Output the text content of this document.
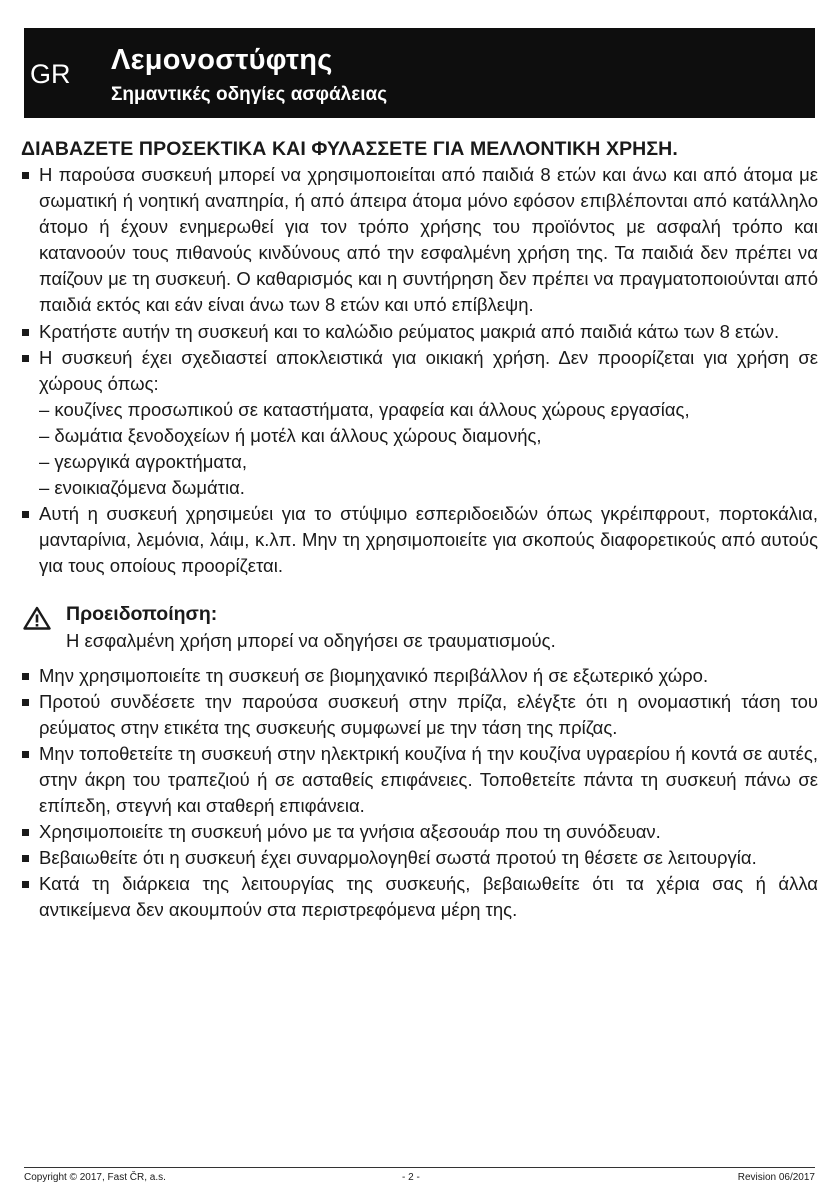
GR Λεμονοστύφτης
Σημαντικές οδηγίες ασφάλειας
ΔΙΑΒΑΖΕΤΕ ΠΡΟΣΕΚΤΙΚΑ ΚΑΙ ΦΥΛΑΣΣΕΤΕ ΓΙΑ ΜΕΛΛΟΝΤΙΚΗ ΧΡΗΣΗ.
Η παρούσα συσκευή μπορεί να χρησιμοποιείται από παιδιά 8 ετών και άνω και από άτομα με σωματική ή νοητική αναπηρία, ή από άπειρα άτομα μόνο εφόσον επιβλέπονται από κατάλληλο άτομο ή έχουν ενημερωθεί για τον τρόπο χρήσης του προϊόντος με ασφαλή τρόπο και κατανοούν τους πιθανούς κινδύνους από την εσφαλμένη χρήση της. Τα παιδιά δεν πρέπει να παίζουν με τη συσκευή. Ο καθαρισμός και η συντήρηση δεν πρέπει να πραγματοποιούνται από παιδιά εκτός και εάν είναι άνω των 8 ετών και υπό επίβλεψη.
Κρατήστε αυτήν τη συσκευή και το καλώδιο ρεύματος μακριά από παιδιά κάτω των 8 ετών.
Η συσκευή έχει σχεδιαστεί αποκλειστικά για οικιακή χρήση. Δεν προορίζεται για χρήση σε χώρους όπως:
– κουζίνες προσωπικού σε καταστήματα, γραφεία και άλλους χώρους εργασίας,
– δωμάτια ξενοδοχείων ή μοτέλ και άλλους χώρους διαμονής,
– γεωργικά αγροκτήματα,
– ενοικιαζόμενα δωμάτια.
Αυτή η συσκευή χρησιμεύει για το στύψιμο εσπεριδοειδών όπως γκρέιπφρουτ, πορτοκάλια, μανταρίνια, λεμόνια, λάιμ, κ.λπ. Μην τη χρησιμοποιείτε για σκοπούς διαφορετικούς από αυτούς για τους οποίους προορίζεται.
Προειδοποίηση:
Η εσφαλμένη χρήση μπορεί να οδηγήσει σε τραυματισμούς.
Μην χρησιμοποιείτε τη συσκευή σε βιομηχανικό περιβάλλον ή σε εξωτερικό χώρο.
Προτού συνδέσετε την παρούσα συσκευή στην πρίζα, ελέγξτε ότι η ονομαστική τάση του ρεύματος στην ετικέτα της συσκευής συμφωνεί με την τάση της πρίζας.
Μην τοποθετείτε τη συσκευή στην ηλεκτρική κουζίνα ή την κουζίνα υγραερίου ή κοντά σε αυτές, στην άκρη του τραπεζιού ή σε ασταθείς επιφάνειες. Τοποθετείτε πάντα τη συσκευή πάνω σε επίπεδη, στεγνή και σταθερή επιφάνεια.
Χρησιμοποιείτε τη συσκευή μόνο με τα γνήσια αξεσουάρ που τη συνόδευαν.
Βεβαιωθείτε ότι η συσκευή έχει συναρμολογηθεί σωστά προτού τη θέσετε σε λειτουργία.
Κατά τη διάρκεια της λειτουργίας της συσκευής, βεβαιωθείτε ότι τα χέρια σας ή άλλα αντικείμενα δεν ακουμπούν στα περιστρεφόμενα μέρη της.
Copyright © 2017, Fast ČR, a.s.	- 2 -	Revision 06/2017
